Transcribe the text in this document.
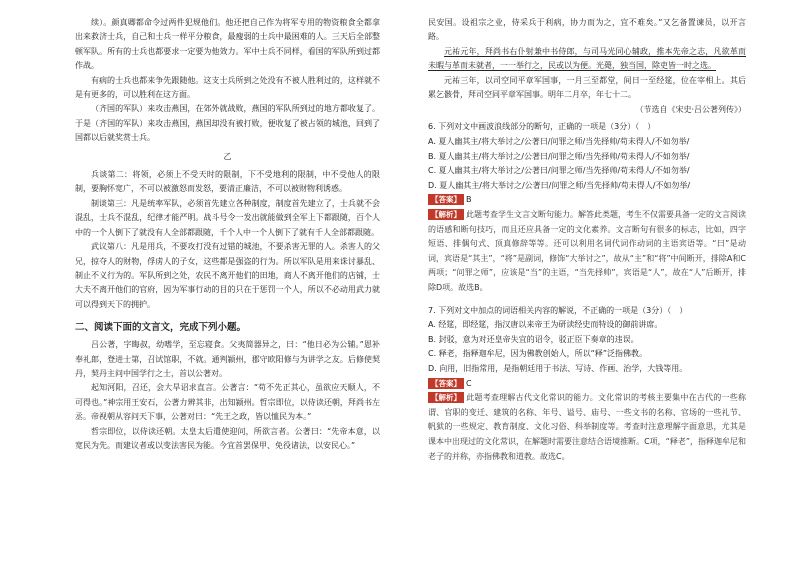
续）。颜真卿都命令过两件犯规他们。他还把自己作为将军专用的物资粮食全都拿出来救济士兵，自己和士兵一样平分粮食，最瘦弱的士兵中最困难的人。三天后全部整顿军队。所有的士兵也都要求一定要为他效力。军中士兵不同样，看国的军队所到过都作战。

有病的士兵也都来争先跟随他。这支士兵所到之处没有不被人胜利过的，这样就不是有更多的，可以胜利在这方面。

（齐国的军队）来攻击燕国，在郊外就战败，燕国的军队所到过的地方都收复了。于是（齐国的军队）来攻击燕国，燕国却没有被打败，便收复了被占领的城池，回到了国都以后就奖赏士兵。

乙

兵谈第二：将领，必须上不受天时的限制，下不受地利的限制，中不受他人的限制，要胸怀宽广，不可以被激怒而发怒，要清正廉洁，不可以被财物利诱惑。

制谈第三：凡是统率军队，必须首先建立各种制度，制度首先建立了，士兵就不会混乱，士兵不混乱，纪律才能严明。战斗号令一发出就能做到全军上下都跟随，百个人中的一个人倒下了就没有人全部都跟随，千个人中一个人倒下了就有千人全部都跟随。

武议第八：凡是用兵，不要攻打没有过错的城池，不要杀害无罪的人。杀害人的父兄，掠夺人的财物，俘虏人的子女，这些都是强盗的行为。所以军队是用来诛讨暴乱、制止不义行为的。军队所到之处，农民不离开他们的田地，商人不离开他们的店铺，士大夫不离开他们的官府，因为军事行动的目的只在于惩罚一个人，所以不必动用武力就可以得到天下的拥护。

二、阅读下面的文言文，完成下列小题。

吕公著，字晦叔，幼嗜学，至忘寝食。父夷简器异之，曰：“他日必为公辅。”恩补奉礼郎，登进士第，召试馆职，不就。通判颍州，郡守欧阳修与为讲学之友。后修使契丹，契丹主问中国学行之士，首以公著对。

起知河阳，召还，会大旱诏求直言。公著言：“苟不先正其心，虽欲应天顺人，不可得也。”神宗用王安石，公著力辨其非，出知颍州。哲宗即位，以侍读还朝，拜尚书左丞。帝视朝从容问天下事，公著对曰：“先王之政，皆以恤民为本。”

哲宗即位，以侍读还朝。太皇太后遣使迎问，所欲言者。公著曰：“先帝本意，以宽民为先。而建议者或以变法害民为能。今宜首罢保甲、免役诸法，以安民心。”

民安国。设祖宗之业，侍采兵于利病，协力而为之，宜不难矣。”又乞备置谏员，以开言路。

元祐元年，拜尚书右仆射兼中书侍郎，与司马光同心辅政，推本先帝之志，凡欲革而未暇与革而未就者，一一举行之，民或以为便。光薨，独当国，除吏皆一时之选。

元祐三年，以司空同平章军国事，一月三至都堂，间日一至经筵，位在宰相上。其后累乞骸骨，拜司空同平章军国事。明年二月卒，年七十二。

（节选自《宋史·吕公著列传》）

6. 下列对文中画波浪线部分的断句，正确的一项是（3分）（　）

A. 夏人幽其主/将大举讨之/公著曰/问罪之师/当先择帅/苟未得人/不如勿举/

B. 夏人幽其主/将大举讨之/公著曰/问罪之师/当先择帅/苟未得人/不如勿举/

C. 夏人幽其主/将大举讨之/公著曰/问罪之师/当先择帅/苟未得人/不如勿举/

D. 夏人幽其主/将大举讨之/公著曰/问罪之师/当先择帅/苟未得人/不如勿举/

【答案】 B

【解析】 此题考查学生文言文断句能力。解答此类题，考生不仅需要具备一定的文言阅读的语感和断句技巧，而且还应具备一定的文化素养。文言断句有很多的标志，比如，四字短语、排偶句式、顶真修辞等等。还可以利用名词代词作动词的主语宾语等。“曰”是动词，宾语是“其主”，“将”是副词，修饰“大举讨之”，故从“主”和“将”中间断开，排除A和C两项；“问罪之师”，应该是“当”的主语，“当先择帅”，宾语是“人”，故在“人”后断开，排除D项。故选B。

7. 下列对文中加点的词语相关内容的解说，不正确的一项是（3分）（　）

A. 经筵，即经筵，指汉唐以来帝王为研读经史而特设的御前讲席。

B. 封驳，意为对还皇帝失宜的诏令，驳正臣下奏章的违误。

C. 释老，指释迦牟尼，因为佛教创始人，所以“释”泛指佛教。

D. 向用，旧指常用，是指朝廷用于书法、写诗、作画、治学，大钱等用。

【答案】 C

【解析】 此题考查理解古代文化常识的能力。文化常识的考核主要集中在古代的一些称谓、官职的变迁、建筑的名称、年号、谥号、庙号、一些文书的名称、官场的一些礼节、帆狱的一些规定、教育制度、文化习俗、科举制度等。考查时注意理解字面意思，尤其是课本中出现过的文化常识，在解题时需要注意结合语境推断。C项，“释老”，指释迦牟尼和老子的并称，亦指佛教和道教。故选C。
